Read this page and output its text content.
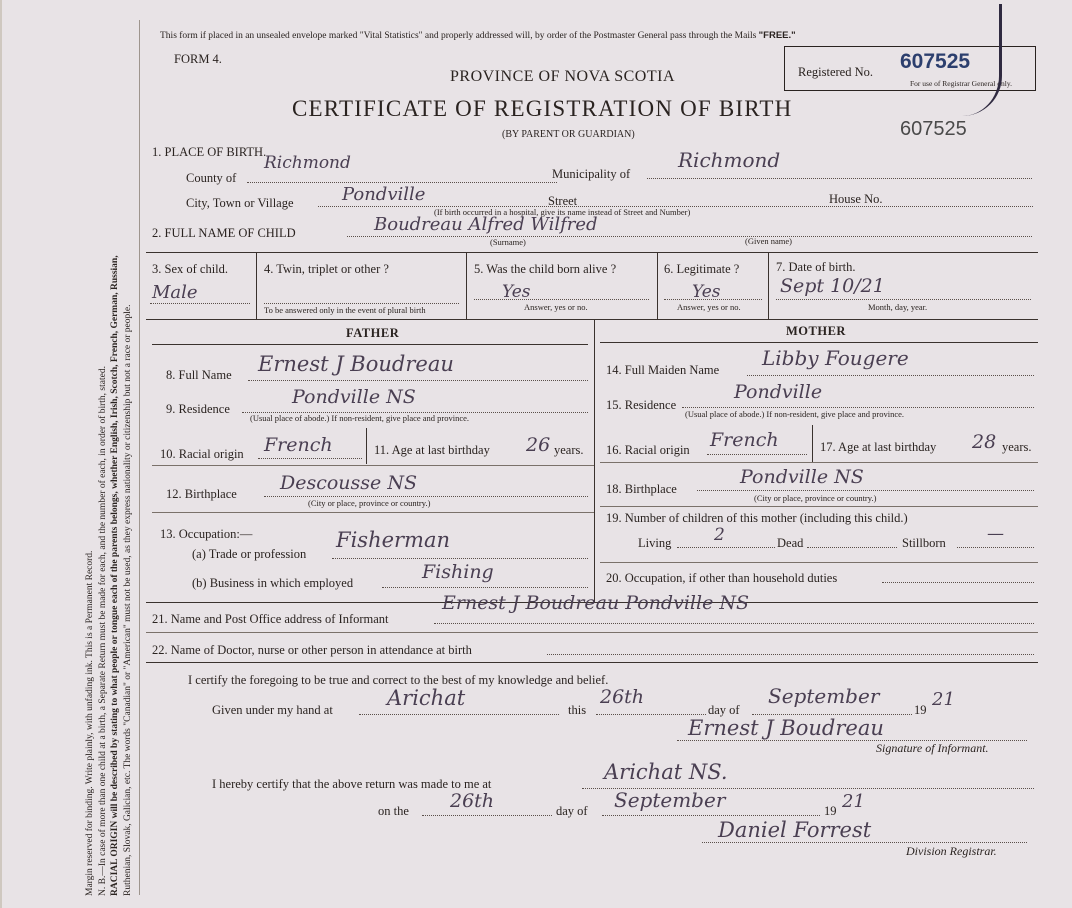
Margin reserved for binding. Write plainly, with unfading ink. This is a Permanent Record. N. B.—In case of more than one child at a birth, a Separate Return must be made for each, and the number of each, in order of birth, stated. RACIAL ORIGIN will be described by stating to what people or tongue each of the parents belongs, whether English, Irish, Scotch, French, German, Russian, Ruthenian, Slovak, Galician, etc. The words "Canadian" or "American" must not be used, as they express nationality or citizenship but not a race or people.
This form if placed in an unsealed envelope marked "Vital Statistics" and properly addressed will, by order of the Postmaster General pass through the Mails "FREE."
FORM 4.
PROVINCE OF NOVA SCOTIA
CERTIFICATE OF REGISTRATION OF BIRTH
(BY PARENT OR GUARDIAN)
Registered No. 607525
For use of Registrar General only.
607525
1. PLACE OF BIRTH.
County of
Richmond
Municipality of
Richmond
City, Town or Village	Pondville	Street	House No.
(If birth occurred in a hospital, give its name instead of Street and Number)
2. FULL NAME OF CHILD	Boudreau Alfred Wilfred
(Surname)	(Given name)
3. Sex of child.
Male
4. Twin, triplet or other ?
To be answered only in the event of plural birth
5. Was the child born alive ?
Yes
Answer, yes or no.
6. Legitimate ?
Yes
Answer, yes or no.
7. Date of birth.
Sept 10/21
Month, day, year.
FATHER	MOTHER
8. Full Name Ernest J Boudreau
9. Residence
Pondville NS
(Usual place of abode.) If non-resident, give place and province.
10. Racial origin French	11. Age at last birthday 26 years.
12. Birthplace Descousse NS
(City or place, province or country.)
13. Occupation:—
(a) Trade or profession
Fisherman
(b) Business in which employed	Fishing
14. Full Maiden Name Libby Fougere
15. Residence
Pondville
(Usual place of abode.) If non-resident, give place and province.
16. Racial origin French	17. Age at last birthday 28 years.
18. Birthplace
Pondville NS
(City or place, province or country.)
19. Number of children of this mother (including this child.)
Living	2	Dead	Stillborn —
20. Occupation, if other than household duties
21. Name and Post Office address of Informant
Ernest J Boudreau Pondville NS
22. Name of Doctor, nurse or other person in attendance at birth
I certify the foregoing to be true and correct to the best of my knowledge and belief.
Given under my hand at	Arichat	this
26th
day of
September
19 21
Ernest J Boudreau
Signature of Informant.
I hereby certify that the above return was made to me at	Arichat NS.
on the 26th	day of September	19 21
Daniel Forrest
Division Registrar.
